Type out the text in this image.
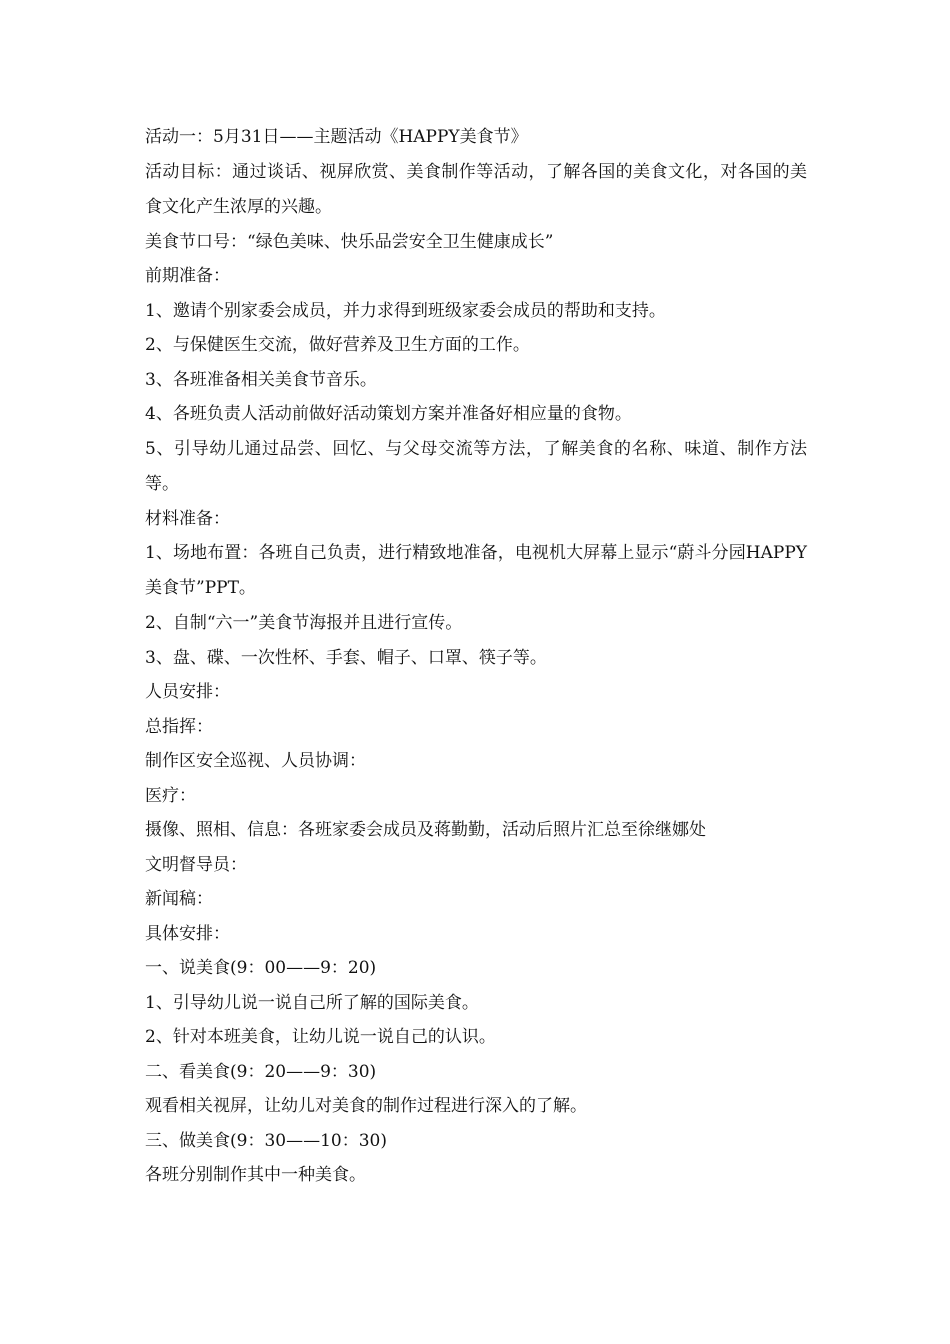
活动一：5月31日——主题活动《HAPPY美食节》
活动目标：通过谈话、视屏欣赏、美食制作等活动，了解各国的美食文化，对各国的美食文化产生浓厚的兴趣。
美食节口号：“绿色美味、快乐品尝安全卫生健康成长”
前期准备：
1、邀请个别家委会成员，并力求得到班级家委会成员的帮助和支持。
2、与保健医生交流，做好营养及卫生方面的工作。
3、各班准备相关美食节音乐。
4、各班负责人活动前做好活动策划方案并准备好相应量的食物。
5、引导幼儿通过品尝、回忆、与父母交流等方法，了解美食的名称、味道、制作方法等。
材料准备：
1、场地布置：各班自己负责，进行精致地准备，电视机大屏幕上显示“蔚斗分园HAPPY美食节”PPT。
2、自制“六一”美食节海报并且进行宣传。
3、盘、碟、一次性杯、手套、帽子、口罩、筷子等。
人员安排：
总指挥：
制作区安全巡视、人员协调：
医疗：
摄像、照相、信息：各班家委会成员及蒋勤勤，活动后照片汇总至徐继娜处
文明督导员：
新闻稿：
具体安排：
一、说美食(9：00——9：20)
1、引导幼儿说一说自己所了解的国际美食。
2、针对本班美食，让幼儿说一说自己的认识。
二、看美食(9：20——9：30)
观看相关视屏，让幼儿对美食的制作过程进行深入的了解。
三、做美食(9：30——10：30)
各班分别制作其中一种美食。
